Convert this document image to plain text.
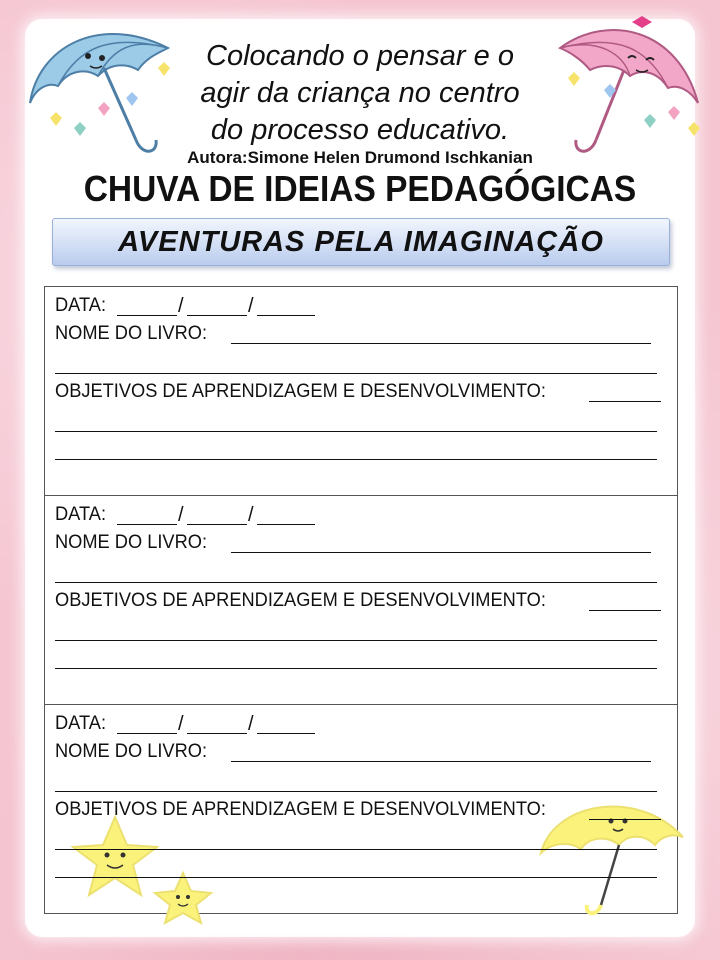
Colocando o pensar e o
agir da criança no centro
do processo educativo.
Autora:Simone Helen Drumond Ischkanian
CHUVA DE IDEIAS PEDAGÓGICAS
AVENTURAS PELA IMAGINAÇÃO
DATA:	/	/
NOME DO LIVRO:
OBJETIVOS DE APRENDIZAGEM E DESENVOLVIMENTO:
DATA:	/	/
NOME DO LIVRO:
OBJETIVOS DE APRENDIZAGEM E DESENVOLVIMENTO:
DATA:	/	/
NOME DO LIVRO:
OBJETIVOS DE APRENDIZAGEM E DESENVOLVIMENTO:
